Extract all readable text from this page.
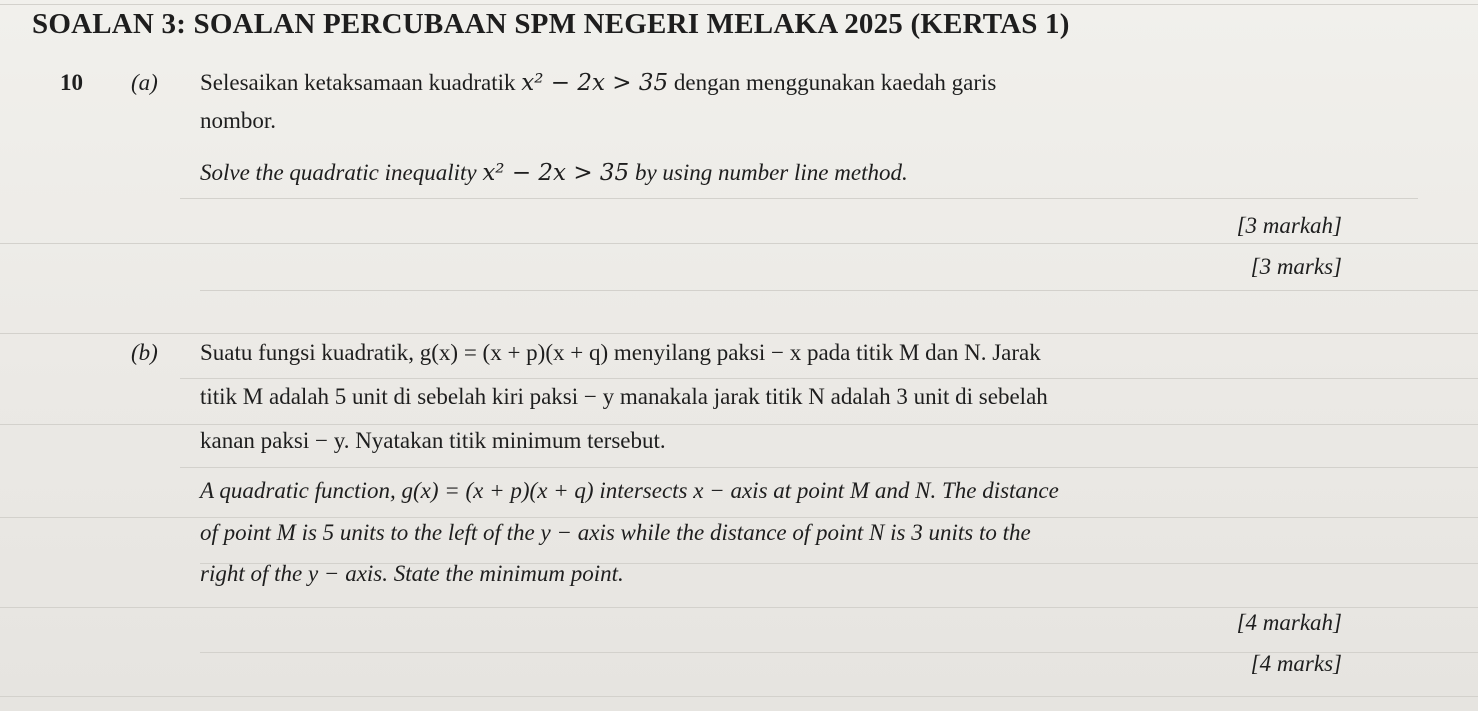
SOALAN 3: SOALAN PERCUBAAN SPM NEGERI MELAKA 2025 (KERTAS 1)
10 (a) Selesaikan ketaksamaan kuadratik x² − 2x > 35 dengan menggunakan kaedah garis
nombor.
Solve the quadratic inequality x² − 2x > 35 by using number line method.
[3 markah]
[3 marks]
(b) Suatu fungsi kuadratik, g(x) = (x + p)(x + q) menyilang paksi − x pada titik M dan N. Jarak
titik M adalah 5 unit di sebelah kiri paksi − y manakala jarak titik N adalah 3 unit di sebelah
kanan paksi − y. Nyatakan titik minimum tersebut.
A quadratic function, g(x) = (x + p)(x + q) intersects x − axis at point M and N. The distance
of point M is 5 units to the left of the y − axis while the distance of point N is 3 units to the
right of the y − axis. State the minimum point.
[4 markah]
[4 marks]
